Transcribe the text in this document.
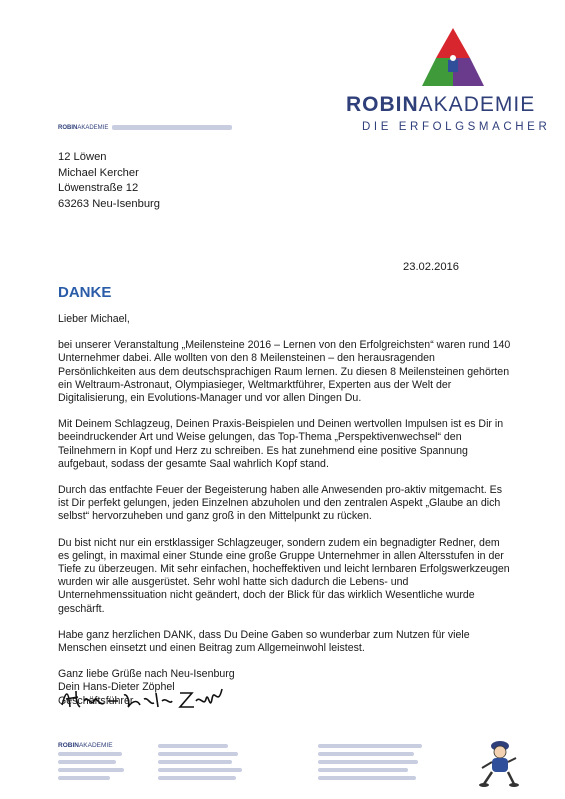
ROBINAKADEMIE
DIE ERFOLGSMACHER
ROBINAKADEMIE
12 Löwen
Michael Kercher
Löwenstraße 12
63263 Neu-Isenburg
23.02.2016
DANKE

Lieber Michael,

bei unserer Veranstaltung „Meilensteine 2016 – Lernen von den Erfolgreichsten“ waren rund 140 Unternehmer dabei. Alle wollten von den 8 Meilensteinen – den herausragenden Persönlichkeiten aus dem deutschsprachigen Raum lernen. Zu diesen 8 Meilensteinen gehörten ein Weltraum-Astronaut, Olympiasieger, Weltmarktführer, Experten aus der Welt der Digitalisierung, ein Evolutions-Manager und vor allen Dingen Du.

Mit Deinem Schlagzeug, Deinen Praxis-Beispielen und Deinen wertvollen Impulsen ist es Dir in beeindruckender Art und Weise gelungen, das Top-Thema „Perspektivenwechsel“ den Teilnehmern in Kopf und Herz zu schreiben. Es hat zunehmend eine positive Spannung aufgebaut, sodass der gesamte Saal wahrlich Kopf stand.

Durch das entfachte Feuer der Begeisterung haben alle Anwesenden pro-aktiv mitgemacht. Es ist Dir perfekt gelungen, jeden Einzelnen abzuholen und den zentralen Aspekt „Glaube an dich selbst“ hervorzuheben und ganz groß in den Mittelpunkt zu rücken.

Du bist nicht nur ein erstklassiger Schlagzeuger, sondern zudem ein begnadigter Redner, dem es gelingt, in maximal einer Stunde eine große Gruppe Unternehmer in allen Altersstufen in der Tiefe zu überzeugen. Mit sehr einfachen, hocheffektiven und leicht lernbaren Erfolgswerkzeugen wurden wir alle ausgerüstet. Sehr wohl hatte sich dadurch die Lebens- und Unternehmenssituation nicht geändert, doch der Blick für das wirklich Wesentliche wurde geschärft.

Habe ganz herzlichen DANK, dass Du Deine Gaben so wunderbar zum Nutzen für viele Menschen einsetzt und einen Beitrag zum Allgemeinwohl leistest.

Ganz liebe Grüße nach Neu-Isenburg
Dein Hans-Dieter Zöphel
Geschäftsführer
ROBINAKADEMIE
